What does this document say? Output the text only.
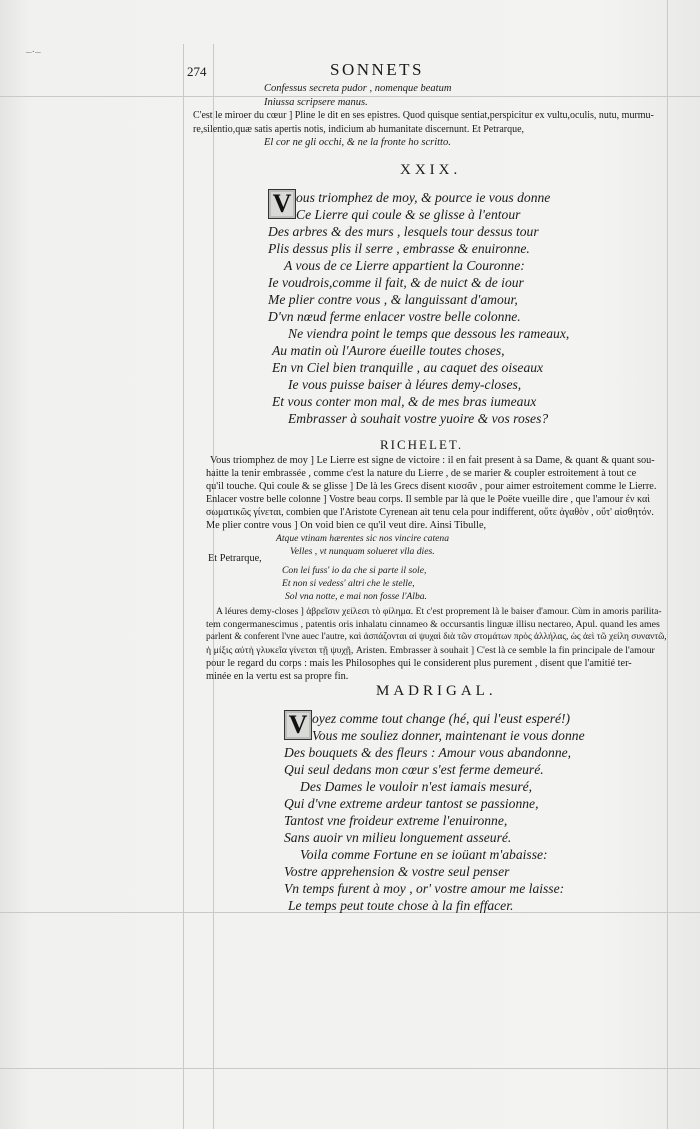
–·–
274	SONNETS
Confessus secreta pudor , nomenque beatum
Iniussa scripsere manus.
C'est le miroer du cœur ] Pline le dit en ses epistres. Quod quisque sentiat,perspicitur ex vultu,oculis, nutu, murmu-
re,silentio,quæ satis apertis notis, indicium ab humanitate discernunt. Et Petrarque,
El cor ne gli occhi, & ne la fronte ho scritto.
XXIX.
V ous triomphez de moy, & pource ie vous donne
Ce Lierre qui coule & se glisse à l'entour
Des arbres & des murs , lesquels tour dessus tour
Plis dessus plis il serre , embrasse & enuironne.
A vous de ce Lierre appartient la Couronne:
Ie voudrois,comme il fait, & de nuict & de iour
Me plier contre vous , & languissant d'amour,
D'vn nœud ferme enlacer vostre belle colonne.
Ne viendra point le temps que dessous les rameaux,
Au matin où l'Aurore éueille toutes choses,
En vn Ciel bien tranquille , au caquet des oiseaux
Ie vous puisse baiser à léures demy-closes,
Et vous conter mon mal, & de mes bras iumeaux
Embrasser à souhait vostre yuoire & vos roses?
RICHELET.
Vous triomphez de moy ] Le Lierre est signe de victoire : il en fait present à sa Dame, & quant & quant sou-
haitte la tenir embrassée , comme c'est la nature du Lierre , de se marier & coupler estroitement à tout ce
qu'il touche. Qui coule & se glisse ] De là les Grecs disent κισσᾶν , pour aimer estroitement comme le Lierre.
Enlacer vostre belle colonne ] Vostre beau corps. Il semble par là que le Poëte vueille dire , que l'amour ἐν καὶ
σωματικῶς γίνεται, combien que l'Aristote Cyrenean ait tenu cela pour indifferent, οὔτε ἀγαθὸν , οὔτ' αἰσθητόν.
Me plier contre vous ] On void bien ce qu'il veut dire. Ainsi Tibulle,
Atque vtinam hærentes sic nos vincire catena
Velles , vt nunquam solueret vlla dies.
Et Petrarque,
Con lei fuss' io da che si parte il sole,
Et non si vedess' altri che le stelle,
Sol vna notte, e mai non fosse l'Alba.
A léures demy-closes ] ἀβρεῖσιν χείλεσι τὸ φίλημα. Et c'est proprement là le baiser d'amour. Cùm in amoris parilita-
tem congermanescimus , patentis oris inhalatu cinnameo & occursantis linguæ illisu nectareo, Apul. quand les ames
parlent & conferent l'vne auec l'autre, καὶ ἀσπάζονται αἱ ψυχαὶ διὰ τῶν στομάτων πρὸς ἀλλήλας, ὡς ἀεὶ τῶ χείλη συναντῶ,
ἡ μίξις αὐτὴ γλυκεῖα γίνεται τῇ ψυχῇ, Aristen. Embrasser à souhait ] C'est là ce semble la fin principale de l'amour
pour le regard du corps : mais les Philosophes qui le considerent plus purement , disent que l'amitié ter-
minée en la vertu est sa propre fin.
MADRIGAL.
V oyez comme tout change (hé, qui l'eust esperé!)
Vous me souliez donner, maintenant ie vous donne
Des bouquets & des fleurs : Amour vous abandonne,
Qui seul dedans mon cœur s'est ferme demeuré.
Des Dames le vouloir n'est iamais mesuré,
Qui d'vne extreme ardeur tantost se passionne,
Tantost vne froideur extreme l'enuironne,
Sans auoir vn milieu longuement asseuré.
Voila comme Fortune en se ioüant m'abaisse:
Vostre apprehension & vostre seul penser
Vn temps furent à moy , or' vostre amour me laisse:
Le temps peut toute chose à la fin effacer.
